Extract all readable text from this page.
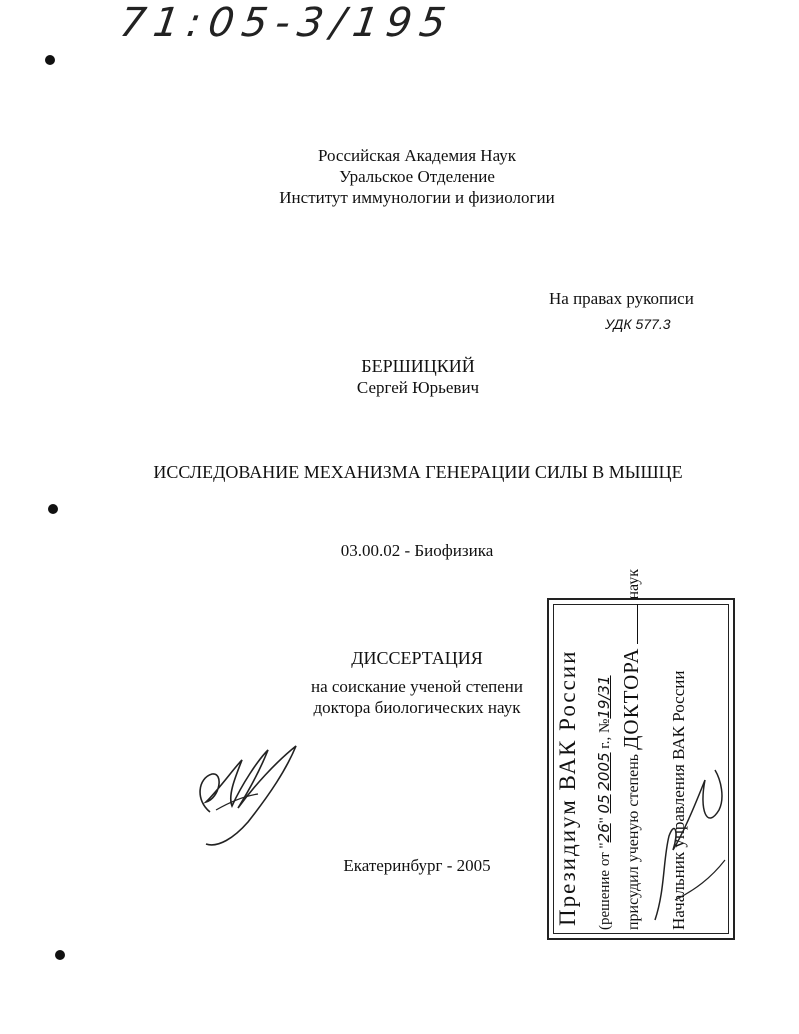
71:05-3/195
Российская Академия Наук
Уральское Отделение
Институт иммунологии и физиологии
На правах рукописи
УДК 577.3
БЕРШИЦКИЙ
Сергей Юрьевич
ИССЛЕДОВАНИЕ МЕХАНИЗМА ГЕНЕРАЦИИ СИЛЫ В МЫШЦЕ
03.00.02 - Биофизика
ДИССЕРТАЦИЯ
на соискание ученой степени
доктора биологических наук
Екатеринбург - 2005	Президиум ВАК России (решение от "26" 05 2005 г., №19/31
присудил ученую степень ДОКТОРА  наук
Начальник управления ВАК России
